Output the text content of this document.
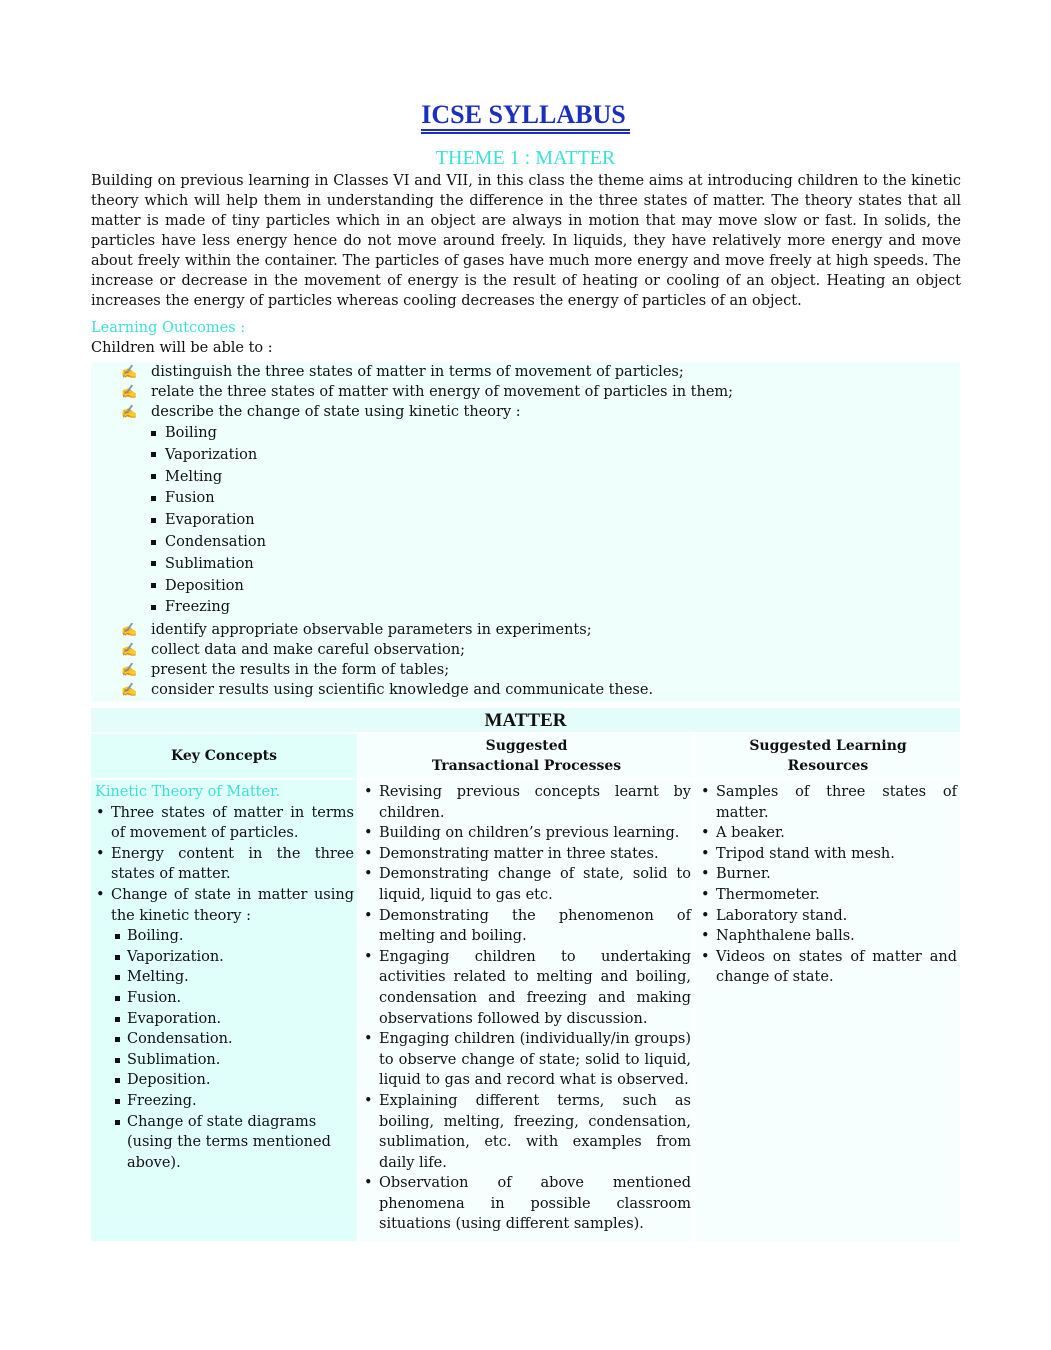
ICSE SYLLABUS
THEME 1 : MATTER
Building on previous learning in Classes VI and VII, in this class the theme aims at introducing children to the kinetic theory which will help them in understanding the difference in the three states of matter. The theory states that all matter is made of tiny particles which in an object are always in motion that may move slow or fast. In solids, the particles have less energy hence do not move around freely. In liquids, they have relatively more energy and move about freely within the container. The particles of gases have much more energy and move freely at high speeds. The increase or decrease in the movement of energy is the result of heating or cooling of an object. Heating an object increases the energy of particles whereas cooling decreases the energy of particles of an object.
Learning Outcomes :
Children will be able to :
✍ distinguish the three states of matter in terms of movement of particles;
✍ relate the three states of matter with energy of movement of particles in them;
✍ describe the change of state using kinetic theory :
Boiling
Vaporization
Melting
Fusion
Evaporation
Condensation
Sublimation
Deposition
Freezing
✍ identify appropriate observable parameters in experiments;
✍ collect data and make careful observation;
✍ present the results in the form of tables;
✍ consider results using scientific knowledge and communicate these.
MATTER
Key Concepts
Kinetic Theory of Matter.
• Three states of matter in terms of movement of particles.
• Energy content in the three states of matter.
• Change of state in matter using the kinetic theory :
Boiling.
Vaporization.
Melting.
Fusion.
Evaporation.
Condensation.
Sublimation.
Deposition.
Freezing.
Change of state diagrams (using the terms mentioned above).
Suggested Transactional Processes
• Revising previous concepts learnt by children.
• Building on children’s previous learning.
• Demonstrating matter in three states.
• Demonstrating change of state, solid to liquid, liquid to gas etc.
• Demonstrating the phenomenon of melting and boiling.
• Engaging children to undertaking activities related to melting and boiling, condensation and freezing and making observations followed by discussion.
• Engaging children (individually/in groups) to observe change of state; solid to liquid, liquid to gas and record what is observed.
• Explaining different terms, such as boiling, melting, freezing, condensation, sublimation, etc. with examples from daily life.
• Observation of above mentioned phenomena in possible classroom situations (using different samples).
Suggested Learning Resources
• Samples of three states of matter.
• A beaker.
• Tripod stand with mesh.
• Burner.
• Thermometer.
• Laboratory stand.
• Naphthalene balls.
• Videos on states of matter and change of state.
